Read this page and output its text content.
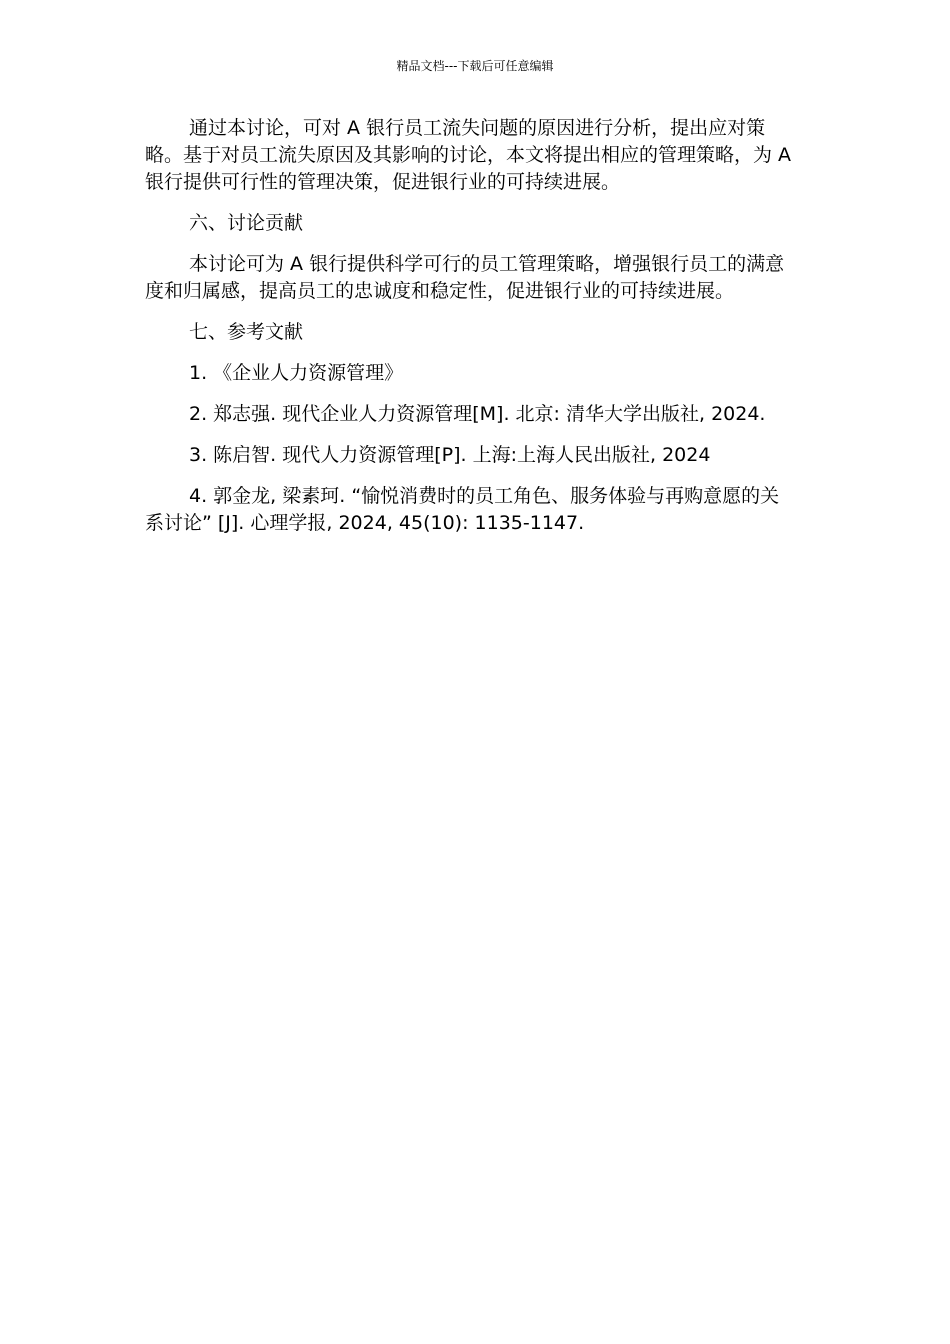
精品文档---下载后可任意编辑

通过本讨论，可对 A 银行员工流失问题的原因进行分析，提出应对策略。基于对员工流失原因及其影响的讨论，本文将提出相应的管理策略，为 A 银行提供可行性的管理决策，促进银行业的可持续进展。

六、讨论贡献

本讨论可为 A 银行提供科学可行的员工管理策略，增强银行员工的满意度和归属感，提高员工的忠诚度和稳定性，促进银行业的可持续进展。

七、参考文献

1. 《企业人力资源管理》

2. 郑志强. 现代企业人力资源管理[M]. 北京: 清华大学出版社, 2024.

3. 陈启智. 现代人力资源管理[P]. 上海:上海人民出版社, 2024

4. 郭金龙, 梁素珂. “愉悦消费时的员工角色、服务体验与再购意愿的关系讨论” [J]. 心理学报, 2024, 45(10): 1135-1147.
